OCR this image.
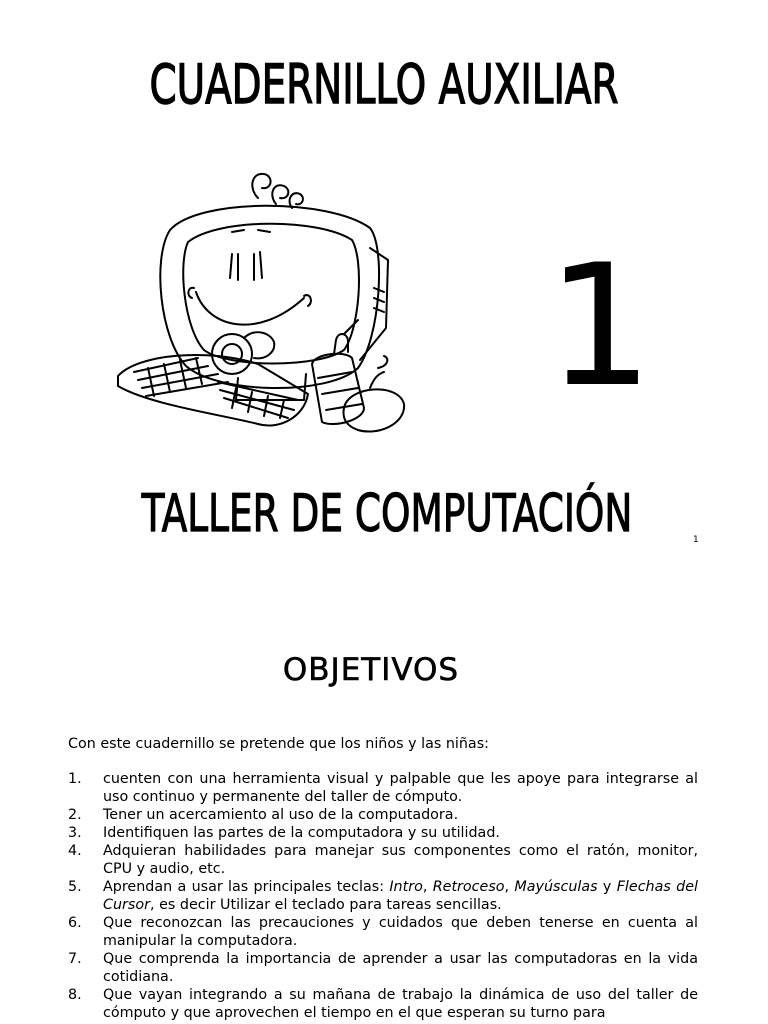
CUADERNILLO AUXILIAR
1
TALLER DE COMPUTACIÓN	1
OBJETIVOS
Con este cuadernillo se pretende que los niños y las niñas:
1.	cuenten con una herramienta visual y palpable que les apoye para integrarse al uso continuo y permanente del taller de cómputo.
2.	Tener un acercamiento al uso de la computadora.
3.	Identifiquen las partes de la computadora y su utilidad.
4.	Adquieran habilidades para manejar sus componentes como el ratón, monitor, CPU y audio, etc.
5.	Aprendan a usar las principales teclas: Intro, Retroceso, Mayúsculas y Flechas del Cursor, es decir Utilizar el teclado para tareas sencillas.
6.	Que reconozcan las precauciones y cuidados que deben tenerse en cuenta al manipular la computadora.
7.	Que comprenda la importancia de aprender a usar las computadoras en la vida cotidiana.
8.	Que vayan integrando a su mañana de trabajo la dinámica de uso del taller de cómputo y que aprovechen el tiempo en el que esperan su turno para
